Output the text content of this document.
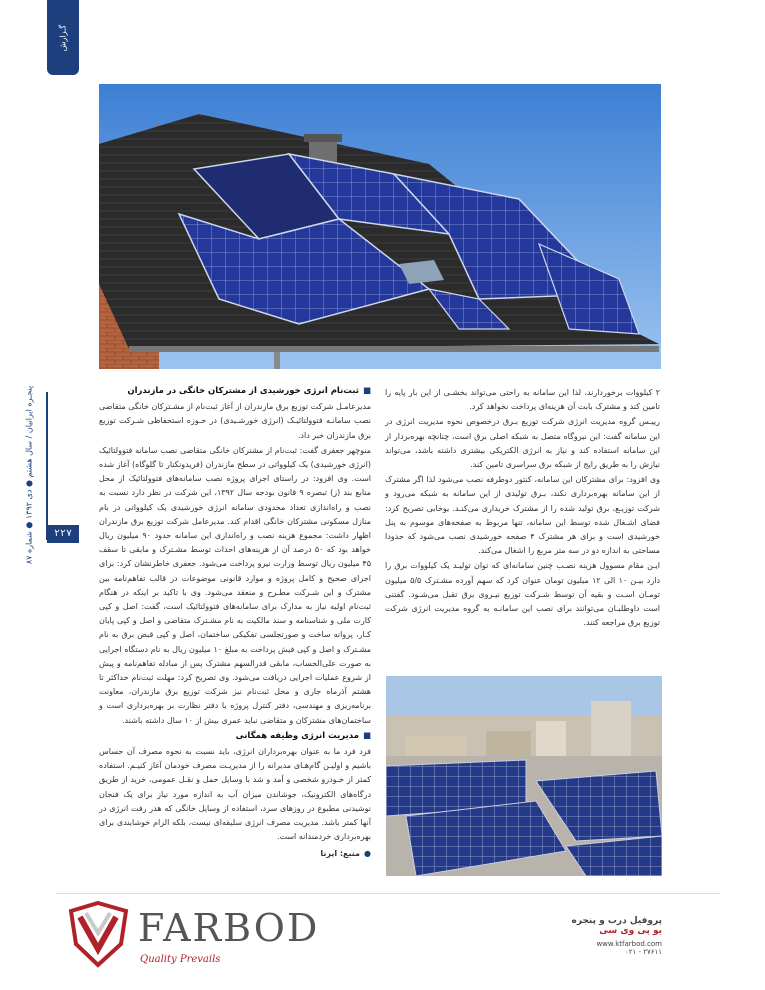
گـزارش
پنجـره ایرانیان / سال هشتم ● دی ۱۳۹۲ ● شماره ۸۷
۲۲۷

۲ کیلووات برخوردارند، لذا این سامانه به راحتی می‌تواند بخشـی از این بار پایه را تامین کند و مشترک بابت آن هزینه‌ای پرداخت نخواهد کرد.

رییـس گروه مدیریت انرژی شرکت توزیع بـرق درخصوص نحوه مدیریت انرژی در این سامانه گفت: این نیروگاه متصل به شبکه اصلی برق است، چنانچه بهره‌بردار از این سامانه استفاده کند و نیاز به انرژی الکتریکی بیشتری داشته باشد، می‌تواند نیازش را به طریق رایج از شبکه برق سراسری تامین کند.

وی افزود: برای مشترکان این سامانه، کنتور دوطرفه نصب می‌شود لذا اگر مشترک از این سامانه بهره‌برداری نکند، بـرق تولیدی از این سامانه به شبکه می‌رود و شرکت توزیـع، برق تولید شده را از مشترک خریداری می‌کنـد. یوخابی تصریح کرد: فضای اشـغال شده توسط این سامانه، تنها مربوط به صفحه‌های موسوم به پنل خورشیدی است و برای هر مشترک ۴ صفحه خورشیدی نصب می‌شود که حدودا مساحتی به اندازه دو در سه متر مربع را اشغال می‌کند.

ایـن مقام مسوول هزینه نصـب چنین سامانه‌ای که توان تولیـد یک کیلووات برق را دارد بیـن ۱۰ الی ۱۲ میلیون تومان عنوان کرد که سهم آورده مشـترک ۵/۵ میلیون تومـان اسـت و بقیه آن توسط شـرکت توزیع نیـروی برق تقبل می‌شـود. گفتنی است داوطلبـان می‌توانند برای نصب این سامانـه به گروه مدیریت انرژی شرکت توزیع برق مراجعه کنند.

■ثبت‌نام انرژی خورشیدی از مشترکان خانگی در مازندران

مدیرعامـل شرکت توزیع برق مازندران از آغاز ثبت‌نام از مشـترکان خانگی متقاضی نصب سامانـه فتوولتائیـک (انرژی خورشـیدی) در حـوزه استحفاظی شـرکت توزیع برق مازندران خبر داد.

منوچهر جعفری گفت: ثبت‌نام از مشترکان خانگی متقاضی نصب سامانه فتوولتائیک (انرژی خورشیدی) یک کیلوواتی در سطح مازندران (فریدونکنار تا گلوگاه) آغاز شده است. وی افزود: در راستای اجرای پروژه نصب سامانه‌های فتوولتائیک از محل منابع بند (ز) تبصره ۹ قانون بودجه سال ۱۳۹۲، این شرکت در نظر دارد نسبت به نصب و راه‌اندازی تعداد محدودی سامانه انرژی خورشیدی یک کیلوواتی در بام منازل مسکونی مشترکان خانگی اقدام کند. مدیرعامل شرکت توزیع برق مازندران اظهار داشت: مجموع هزینه نصب و راه‌اندازی این سامانه حدود ۹۰ میلیون ریال خواهد بود که ۵۰ درصد آن از هزینه‌های احداث توسط مشـترک و مابقی تا سقف ۴۵ میلیون ریال توسط وزارت نیرو پرداخت می‌شود. جعفری خاطرنشان کرد: برای اجرای صحیح و کامل پروژه و موارد قانونی موضوعات در قالب تفاهم‌نامه بین مشترک و این شـرکت مطـرح و منعقد می‌شود. وی با تاکید بر اینکه در هنگام ثبت‌نام اولیه نیاز به مدارک برای سامانه‌های فتوولتائیک است، گفت: اصل و کپی کارت ملی و شناسنامه و سند مالکیت به نام مشـترک متقاضی و اصل و کپی پایان کـار، پروانه ساخت و صورتجلسی تفکیکی ساختمان، اصل و کپی قبض برق به نام مشـترک و اصل و کپی فیش پرداخت به مبلغ ۱۰ میلیون ریال به نام دستگاه اجرایی به صورت علی‌الحساب، مابقی قدرالسهم مشترک پس از مبادله تفاهم‌نامه و پیش از شروع عملیات اجرایی دریافت می‌شود. وی تصریح کرد: مهلت ثبت‌نام حداکثر تا هشتم آذرماه جاری و محل ثبت‌نام نیز شرکت توزیع برق مازندران، معاونت برنامه‌ریزی و مهندسی، دفتر کنترل پروژه یا دفتر نظارت بر بهره‌برداری است و ساختمان‌های مشترکان و متقاضی نباید عمری بیش از ۱۰ سال داشته باشند.

■مدیریت انرژی وظیفه همگانی

فرد فرد ما به عنوان بهره‌برداران انرژی، باید نسبت به نحوه مصرف آن حساس باشیم و اولیـن گام‌هـای مدبرانه را از مدیریـت مصرف خودمان آغاز کنیـم. استفاده کمتر از خـودرو شخصی و آمد و شد با وسایل حمل و نقـل عمومی، خرید از طریق درگاه‌های الکترونیک، جوشاندن میزان آب به اندازه مورد نیاز برای یک فنجان نوشیدنی مطبوع در روزهای سرد، استفاده از وسایل خانگی که هدر رفت انرژی در آنها کمتر باشد. مدیریت مصرف انرژی سلیقه‌ای نیست، بلکه الزام خوشایندی برای بهره‌برداری خردمندانه است.

●منبع: ایرنا
FARBOD
Quality Prevails
پروفیل درب و پنجره
یو پی وی سی
www.ktfarbod.com
۰۲۱ - ۲۷۶۱۱
